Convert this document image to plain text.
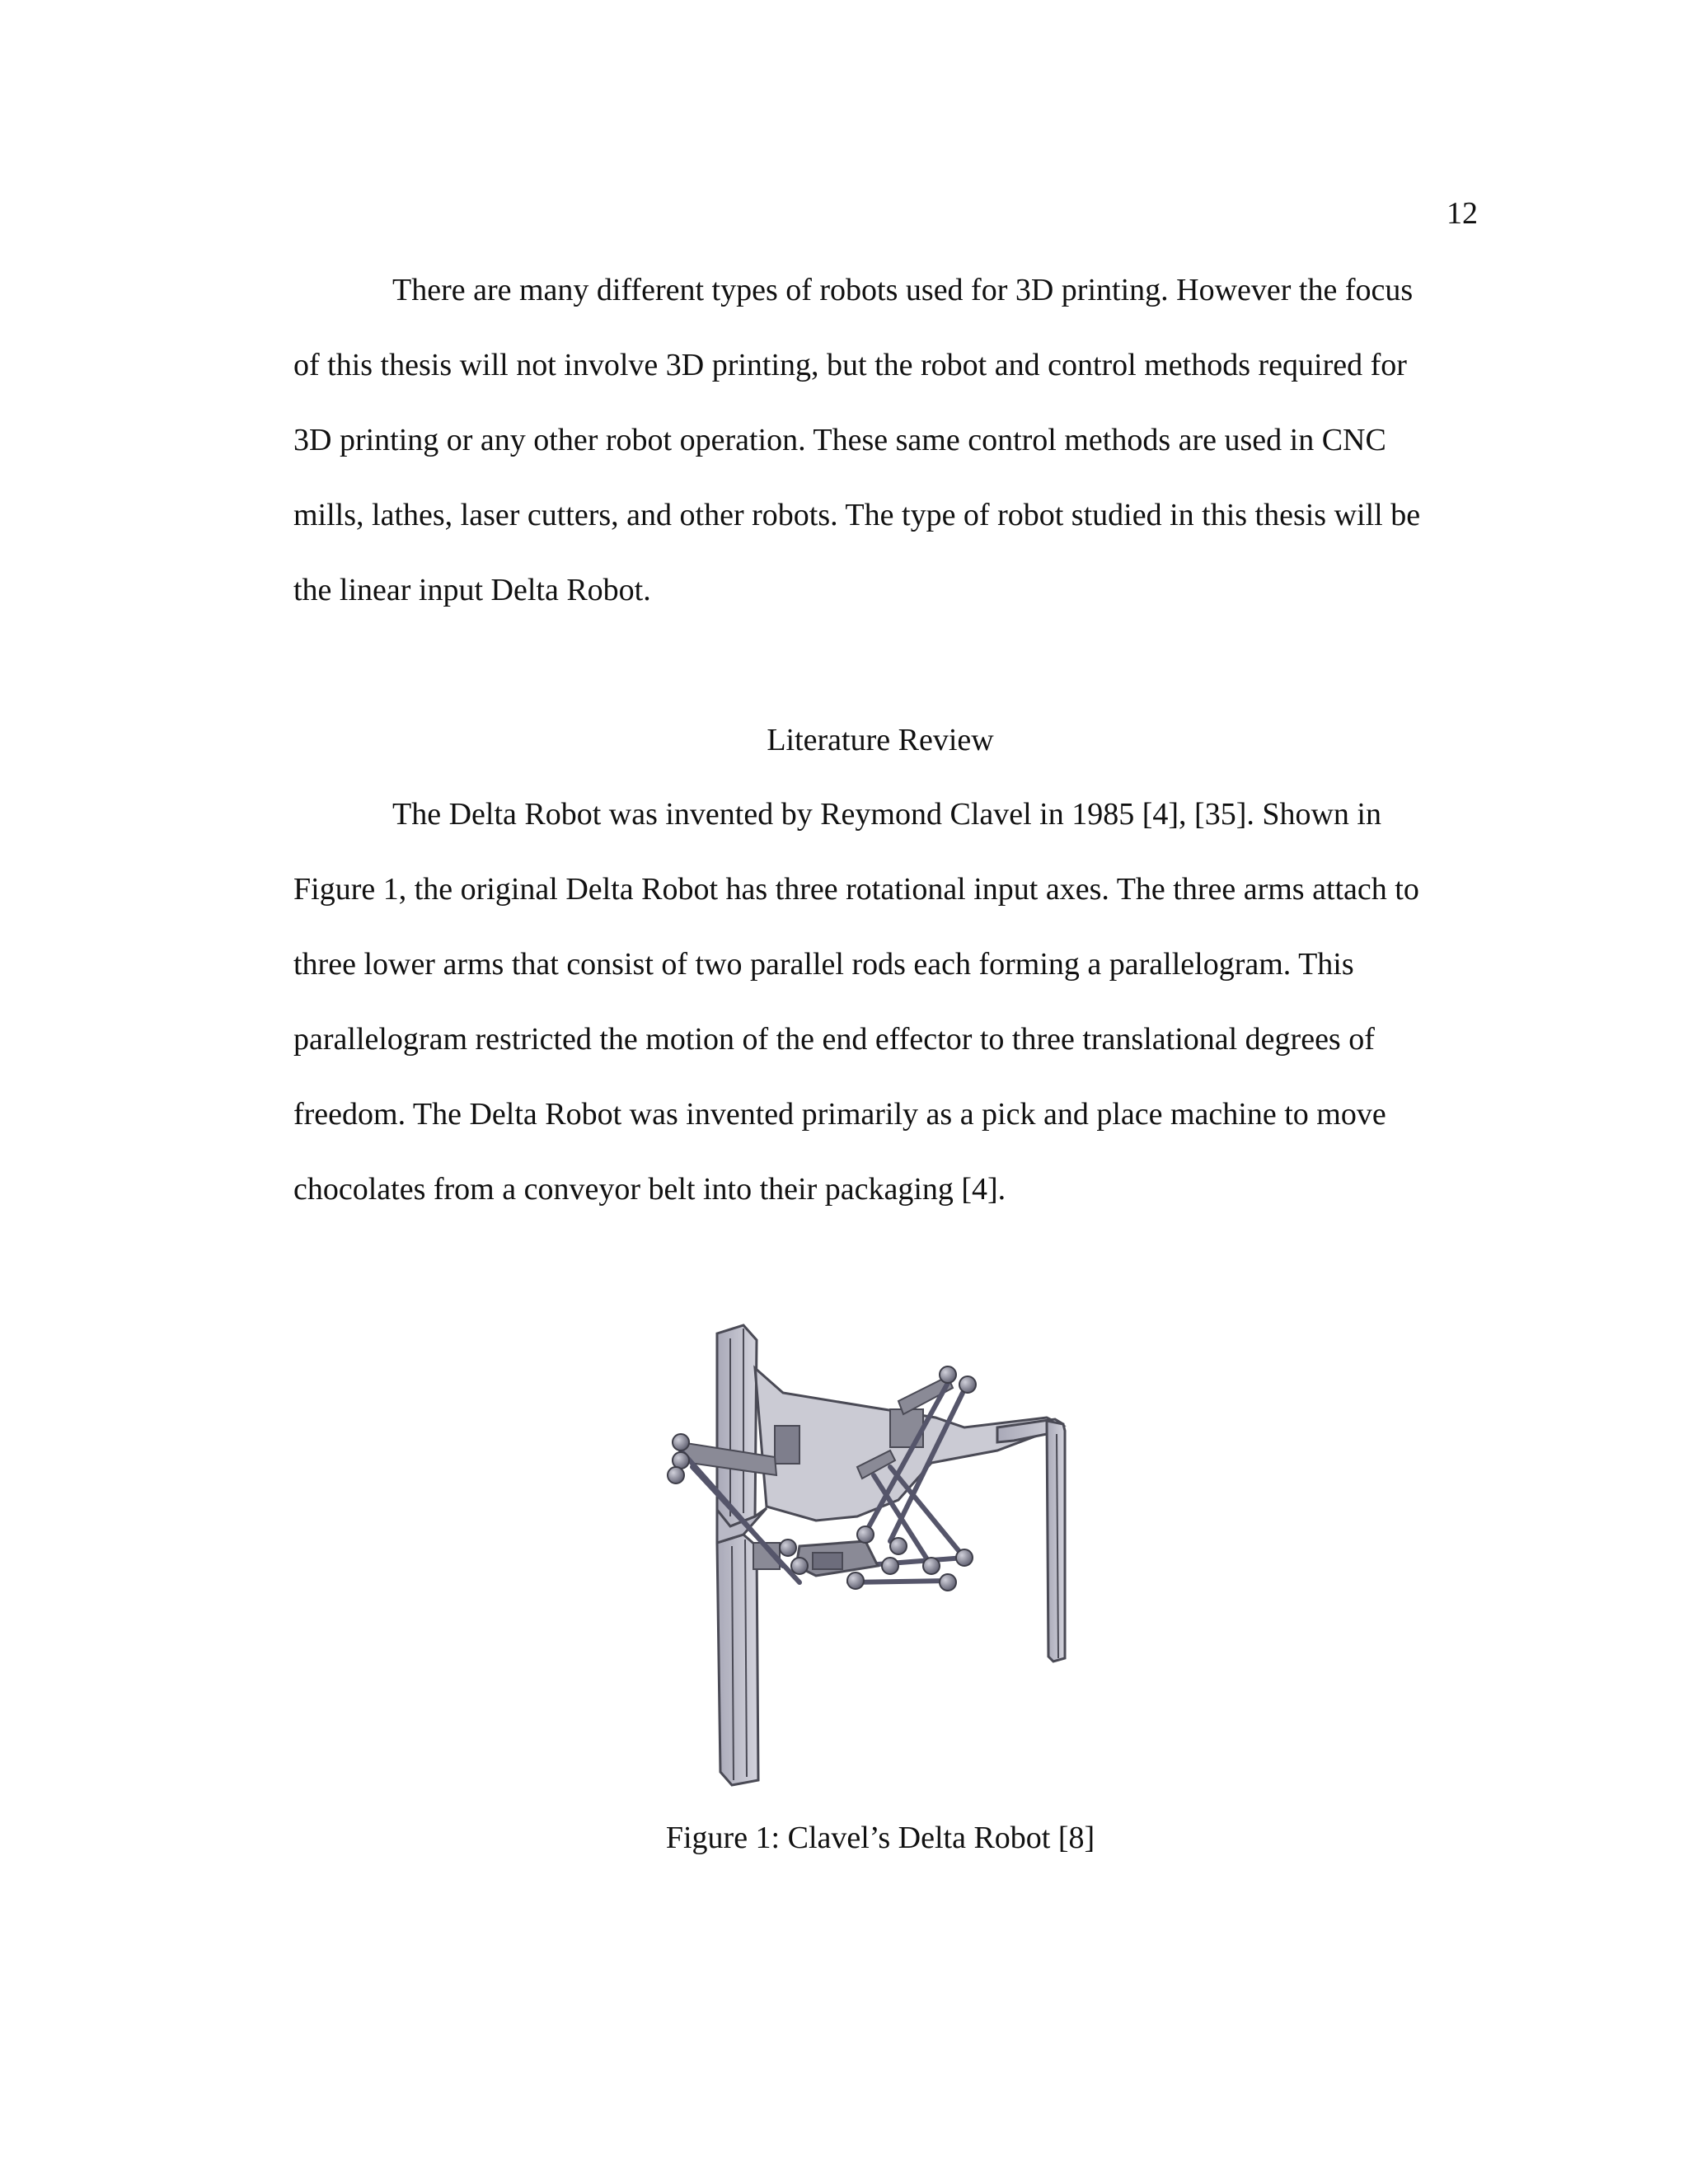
12

There are many different types of robots used for 3D printing. However the focus
of this thesis will not involve 3D printing, but the robot and control methods required for
3D printing or any other robot operation. These same control methods are used in CNC
mills, lathes, laser cutters, and other robots. The type of robot studied in this thesis will be
the linear input Delta Robot.

Literature Review

The Delta Robot was invented by Reymond Clavel in 1985 [4], [35]. Shown in
Figure 1, the original Delta Robot has three rotational input axes. The three arms attach to
three lower arms that consist of two parallel rods each forming a parallelogram. This
parallelogram restricted the motion of the end effector to three translational degrees of
freedom. The Delta Robot was invented primarily as a pick and place machine to move
chocolates from a conveyor belt into their packaging [4].

Figure 1: Clavel’s Delta Robot [8]
